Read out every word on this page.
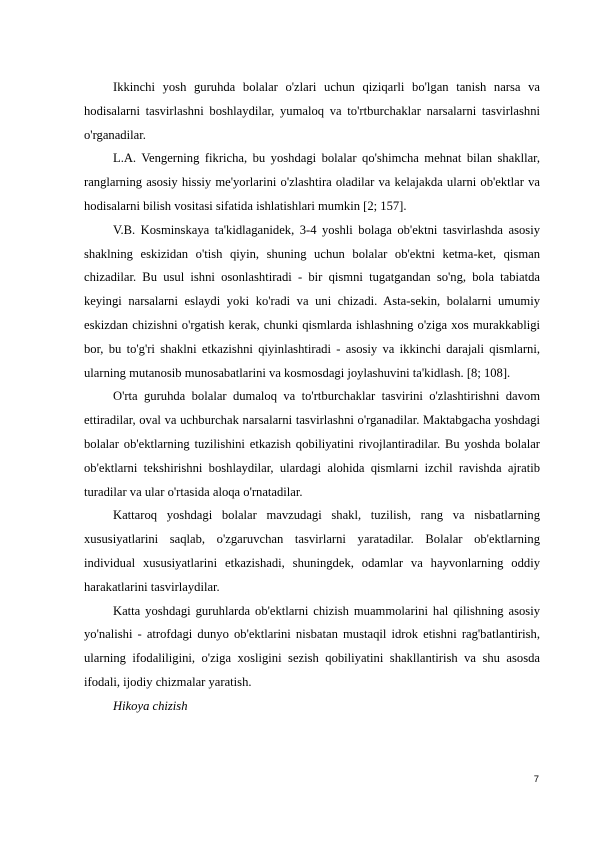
Ikkinchi yosh guruhda bolalar o'zlari uchun qiziqarli bo'lgan tanish narsa va hodisalarni tasvirlashni boshlaydilar, yumaloq va to'rtburchaklar narsalarni tasvirlashni o'rganadilar.

L.A. Vengerning fikricha, bu yoshdagi bolalar qo'shimcha mehnat bilan shakllar, ranglarning asosiy hissiy me'yorlarini o'zlashtira oladilar va kelajakda ularni ob'ektlar va hodisalarni bilish vositasi sifatida ishlatishlari mumkin [2; 157].

V.B. Kosminskaya ta'kidlaganidek, 3-4 yoshli bolaga ob'ektni tasvirlashda asosiy shaklning eskizidan o'tish qiyin, shuning uchun bolalar ob'ektni ketma-ket, qisman chizadilar. Bu usul ishni osonlashtiradi - bir qismni tugatgandan so'ng, bola tabiatda keyingi narsalarni eslaydi yoki ko'radi va uni chizadi. Asta-sekin, bolalarni umumiy eskizdan chizishni o'rgatish kerak, chunki qismlarda ishlashning o'ziga xos murakkabligi bor, bu to'g'ri shaklni etkazishni qiyinlashtiradi - asosiy va ikkinchi darajali qismlarni, ularning mutanosib munosabatlarini va kosmosdagi joylashuvini ta'kidlash. [8; 108].

O'rta guruhda bolalar dumaloq va to'rtburchaklar tasvirini o'zlashtirishni davom ettiradilar, oval va uchburchak narsalarni tasvirlashni o'rganadilar. Maktabgacha yoshdagi bolalar ob'ektlarning tuzilishini etkazish qobiliyatini rivojlantiradilar. Bu yoshda bolalar ob'ektlarni tekshirishni boshlaydilar, ulardagi alohida qismlarni izchil ravishda ajratib turadilar va ular o'rtasida aloqa o'rnatadilar.

Kattaroq yoshdagi bolalar mavzudagi shakl, tuzilish, rang va nisbatlarning xususiyatlarini saqlab, o'zgaruvchan tasvirlarni yaratadilar. Bolalar ob'ektlarning individual xususiyatlarini etkazishadi, shuningdek, odamlar va hayvonlarning oddiy harakatlarini tasvirlaydilar.

Katta yoshdagi guruhlarda ob'ektlarni chizish muammolarini hal qilishning asosiy yo'nalishi - atrofdagi dunyo ob'ektlarini nisbatan mustaqil idrok etishni rag'batlantirish, ularning ifodaliligini, o'ziga xosligini sezish qobiliyatini shakllantirish va shu asosda ifodali, ijodiy chizmalar yaratish.

Hikoya chizish

7
